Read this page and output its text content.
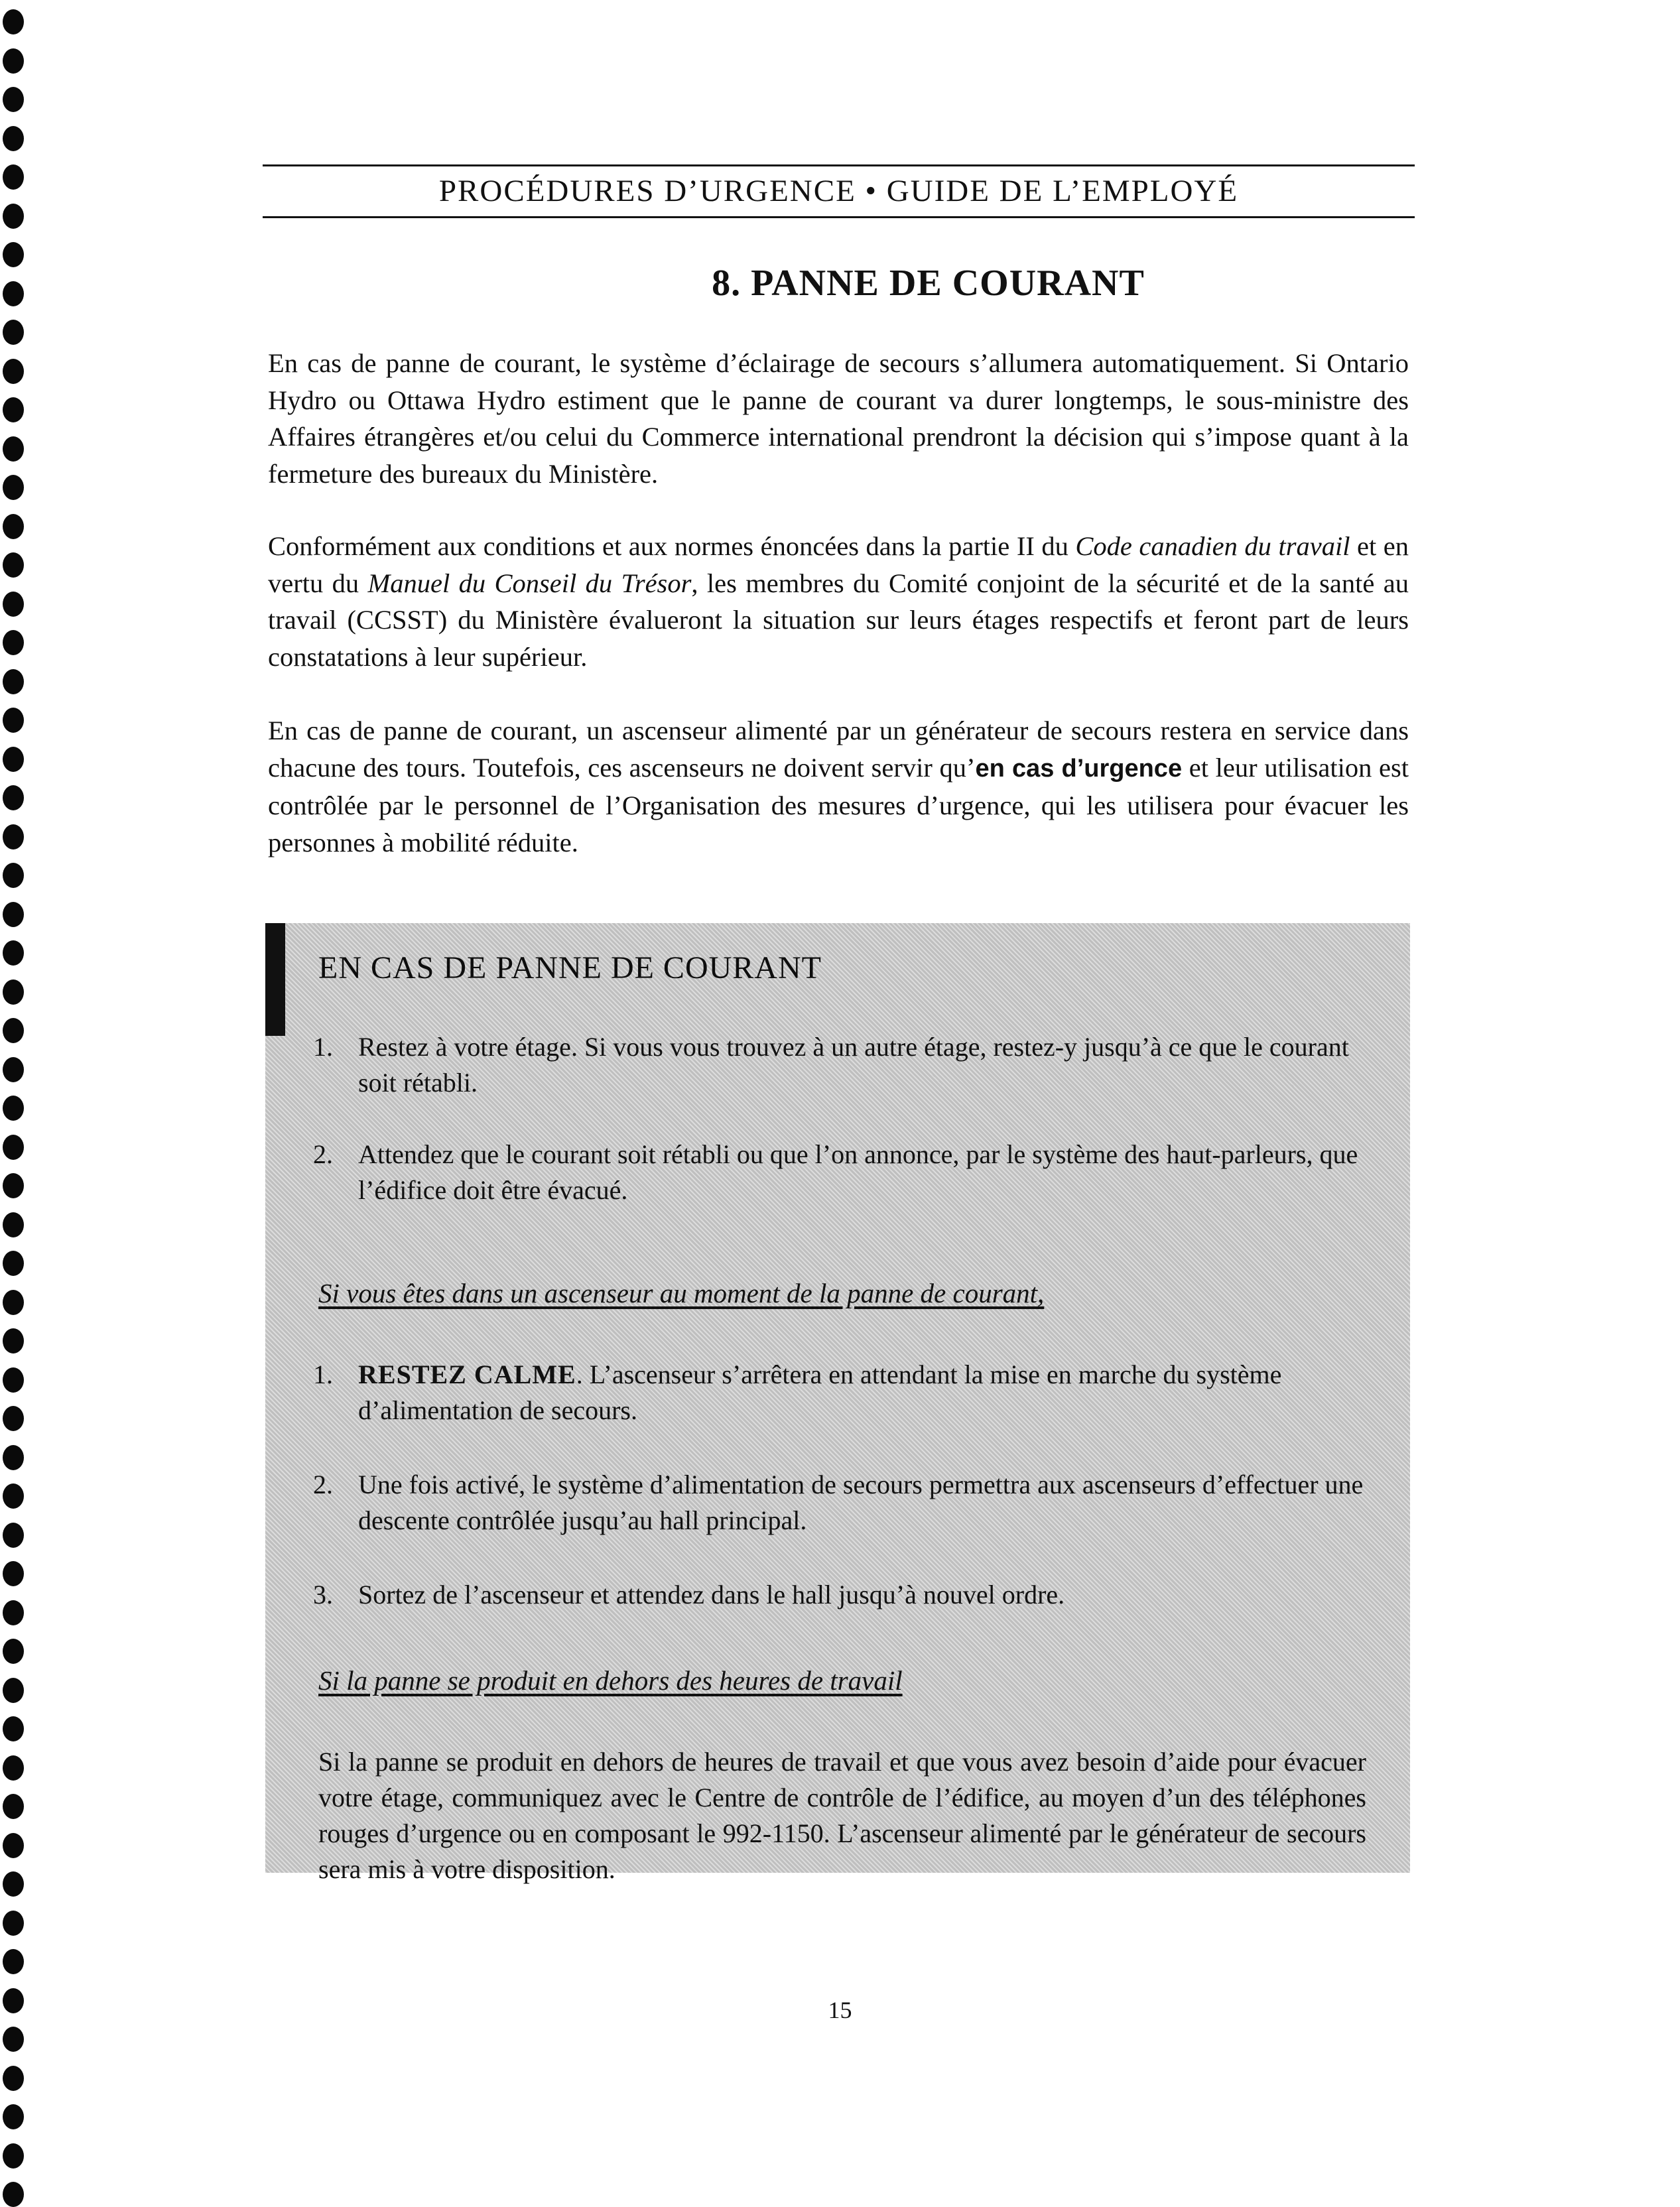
PROCÉDURES D’URGENCE • GUIDE DE L’EMPLOYÉ
8. PANNE DE COURANT

En cas de panne de courant, le système d’éclairage de secours s’allumera automatiquement. Si Ontario Hydro ou Ottawa Hydro estiment que le panne de courant va durer longtemps, le sous-ministre des Affaires étrangères et/ou celui du Commerce international prendront la décision qui s’impose quant à la fermeture des bureaux du Ministère.

Conformément aux conditions et aux normes énoncées dans la partie II du Code canadien du travail et en vertu du Manuel du Conseil du Trésor, les membres du Comité conjoint de la sécurité et de la santé au travail (CCSST) du Ministère évalueront la situation sur leurs étages respectifs et feront part de leurs constatations à leur supérieur.

En cas de panne de courant, un ascenseur alimenté par un générateur de secours restera en service dans chacune des tours. Toutefois, ces ascenseurs ne doivent servir qu’en cas d’urgence et leur utilisation est contrôlée par le personnel de l’Organisation des mesures d’urgence, qui les utilisera pour évacuer les personnes à mobilité réduite.

EN CAS DE PANNE DE COURANT
1. Restez à votre étage. Si vous vous trouvez à un autre étage, restez-y jusqu’à ce que le courant soit rétabli.
2. Attendez que le courant soit rétabli ou que l’on annonce, par le système des haut-parleurs, que l’édifice doit être évacué.
Si vous êtes dans un ascenseur au moment de la panne de courant,
1. RESTEZ CALME. L’ascenseur s’arrêtera en attendant la mise en marche du système d’alimentation de secours.
2. Une fois activé, le système d’alimentation de secours permettra aux ascenseurs d’effectuer une descente contrôlée jusqu’au hall principal.
3. Sortez de l’ascenseur et attendez dans le hall jusqu’à nouvel ordre.
Si la panne se produit en dehors des heures de travail

Si la panne se produit en dehors de heures de travail et que vous avez besoin d’aide pour évacuer votre étage, communiquez avec le Centre de contrôle de l’édifice, au moyen d’un des téléphones rouges d’urgence ou en composant le 992-1150. L’ascenseur alimenté par le générateur de secours sera mis à votre disposition.

15
